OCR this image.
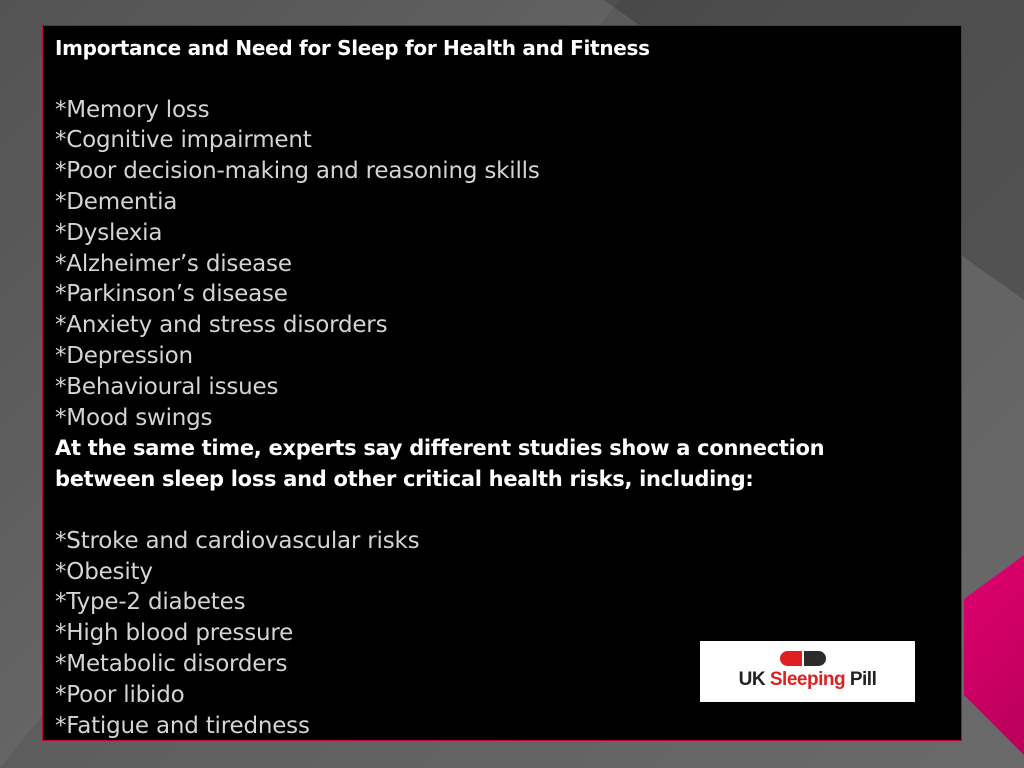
Importance and Need for Sleep for Health and Fitness
*Memory loss
*Cognitive impairment
*Poor decision-making and reasoning skills
*Dementia
*Dyslexia
*Alzheimer’s disease
*Parkinson’s disease
*Anxiety and stress disorders
*Depression
*Behavioural issues
*Mood swings
At the same time, experts say different studies show a connection
between sleep loss and other critical health risks, including:
*Stroke and cardiovascular risks
*Obesity
*Type-2 diabetes
*High blood pressure
*Metabolic disorders
*Poor libido
*Fatigue and tiredness
UK Sleeping Pill
